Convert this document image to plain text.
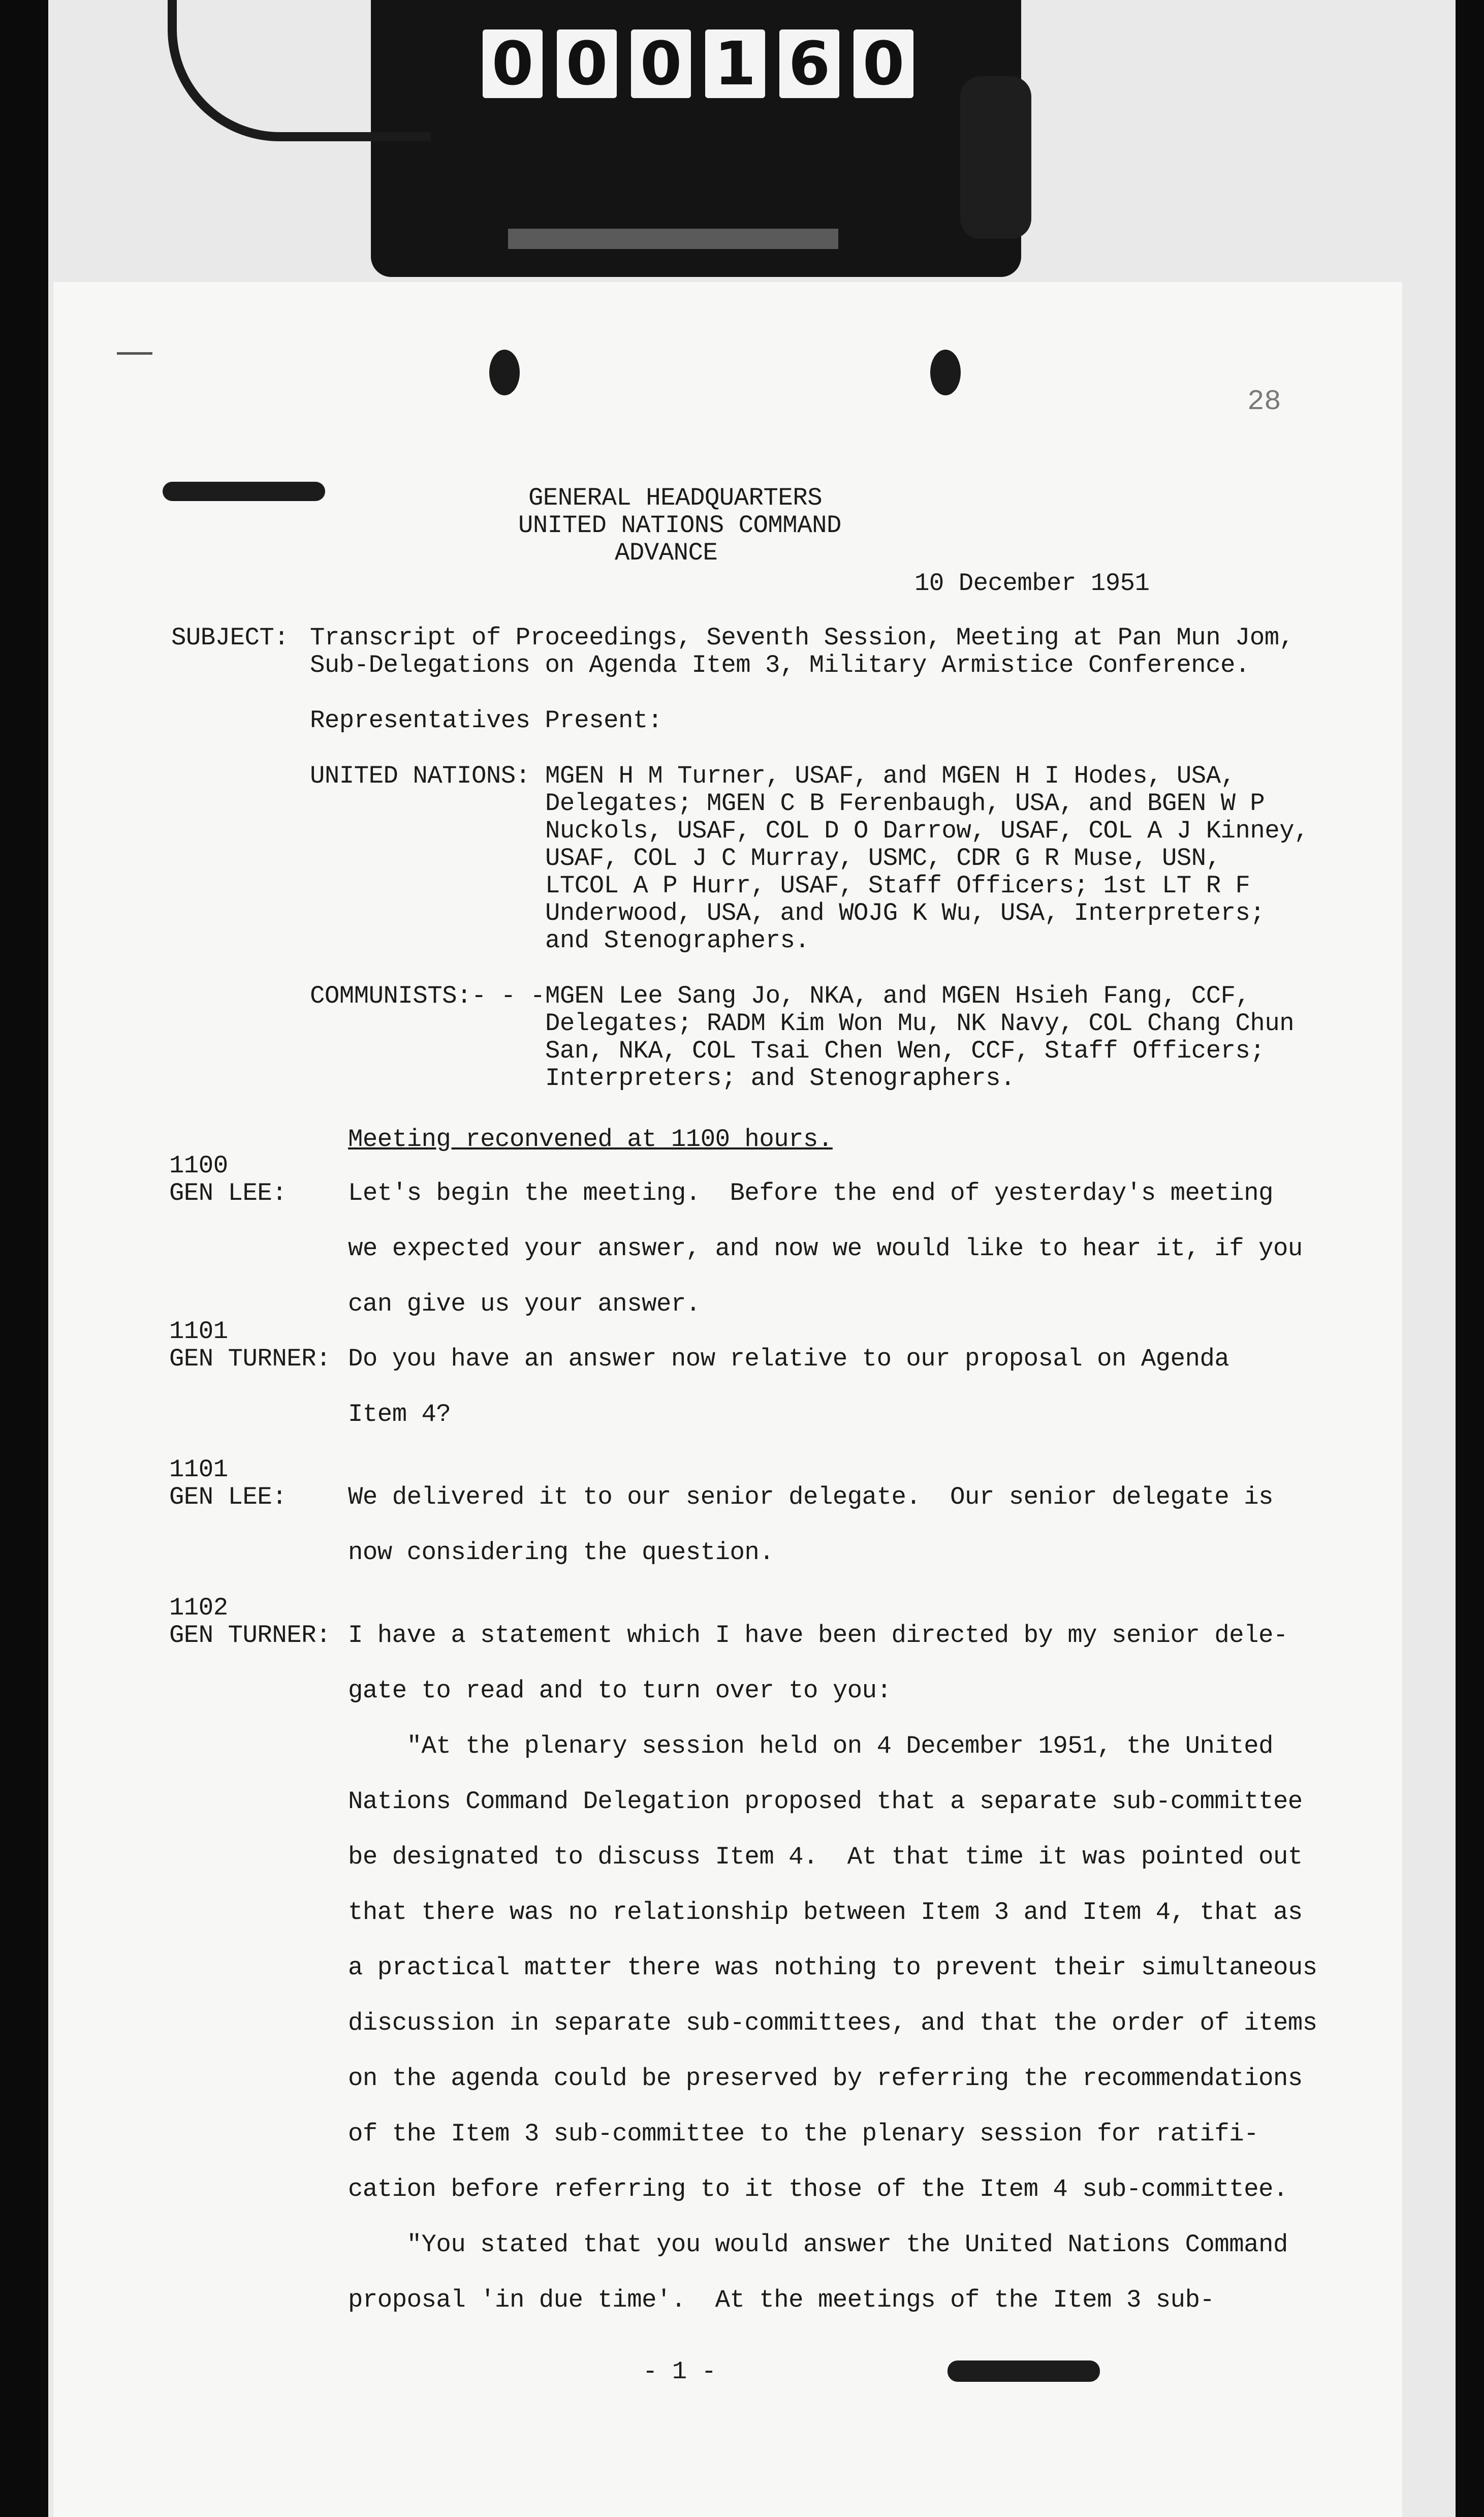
0 0 0 1 6 0
28
GENERAL HEADQUARTERS
UNITED NATIONS COMMAND
ADVANCE
10 December 1951
SUBJECT: Transcript of Proceedings, Seventh Session, Meeting at Pan Mun Jom,
Sub-Delegations on Agenda Item 3, Military Armistice Conference.
Representatives Present:
UNITED NATIONS: MGEN H M Turner, USAF, and MGEN H I Hodes, USA,
Delegates; MGEN C B Ferenbaugh, USA, and BGEN W P
Nuckols, USAF, COL D O Darrow, USAF, COL A J Kinney,
USAF, COL J C Murray, USMC, CDR G R Muse, USN,
LTCOL A P Hurr, USAF, Staff Officers; 1st LT R F
Underwood, USA, and WOJG K Wu, USA, Interpreters;
and Stenographers.
COMMUNISTS:- - - MGEN Lee Sang Jo, NKA, and MGEN Hsieh Fang, CCF,
Delegates; RADM Kim Won Mu, NK Navy, COL Chang Chun
San, NKA, COL Tsai Chen Wen, CCF, Staff Officers;
Interpreters; and Stenographers.
Meeting reconvened at 1100 hours.
1100
GEN LEE: Let's begin the meeting.  Before the end of yesterday's meeting
we expected your answer, and now we would like to hear it, if you
can give us your answer.
1101
GEN TURNER: Do you have an answer now relative to our proposal on Agenda
Item 4?
1101
GEN LEE: We delivered it to our senior delegate.  Our senior delegate is
now considering the question.
1102
GEN TURNER: I have a statement which I have been directed by my senior dele-
gate to read and to turn over to you:
"At the plenary session held on 4 December 1951, the United
Nations Command Delegation proposed that a separate sub-committee
be designated to discuss Item 4.  At that time it was pointed out
that there was no relationship between Item 3 and Item 4, that as
a practical matter there was nothing to prevent their simultaneous
discussion in separate sub-committees, and that the order of items
on the agenda could be preserved by referring the recommendations
of the Item 3 sub-committee to the plenary session for ratifi-
cation before referring to it those of the Item 4 sub-committee.
"You stated that you would answer the United Nations Command
proposal 'in due time'.  At the meetings of the Item 3 sub-
- 1 -
